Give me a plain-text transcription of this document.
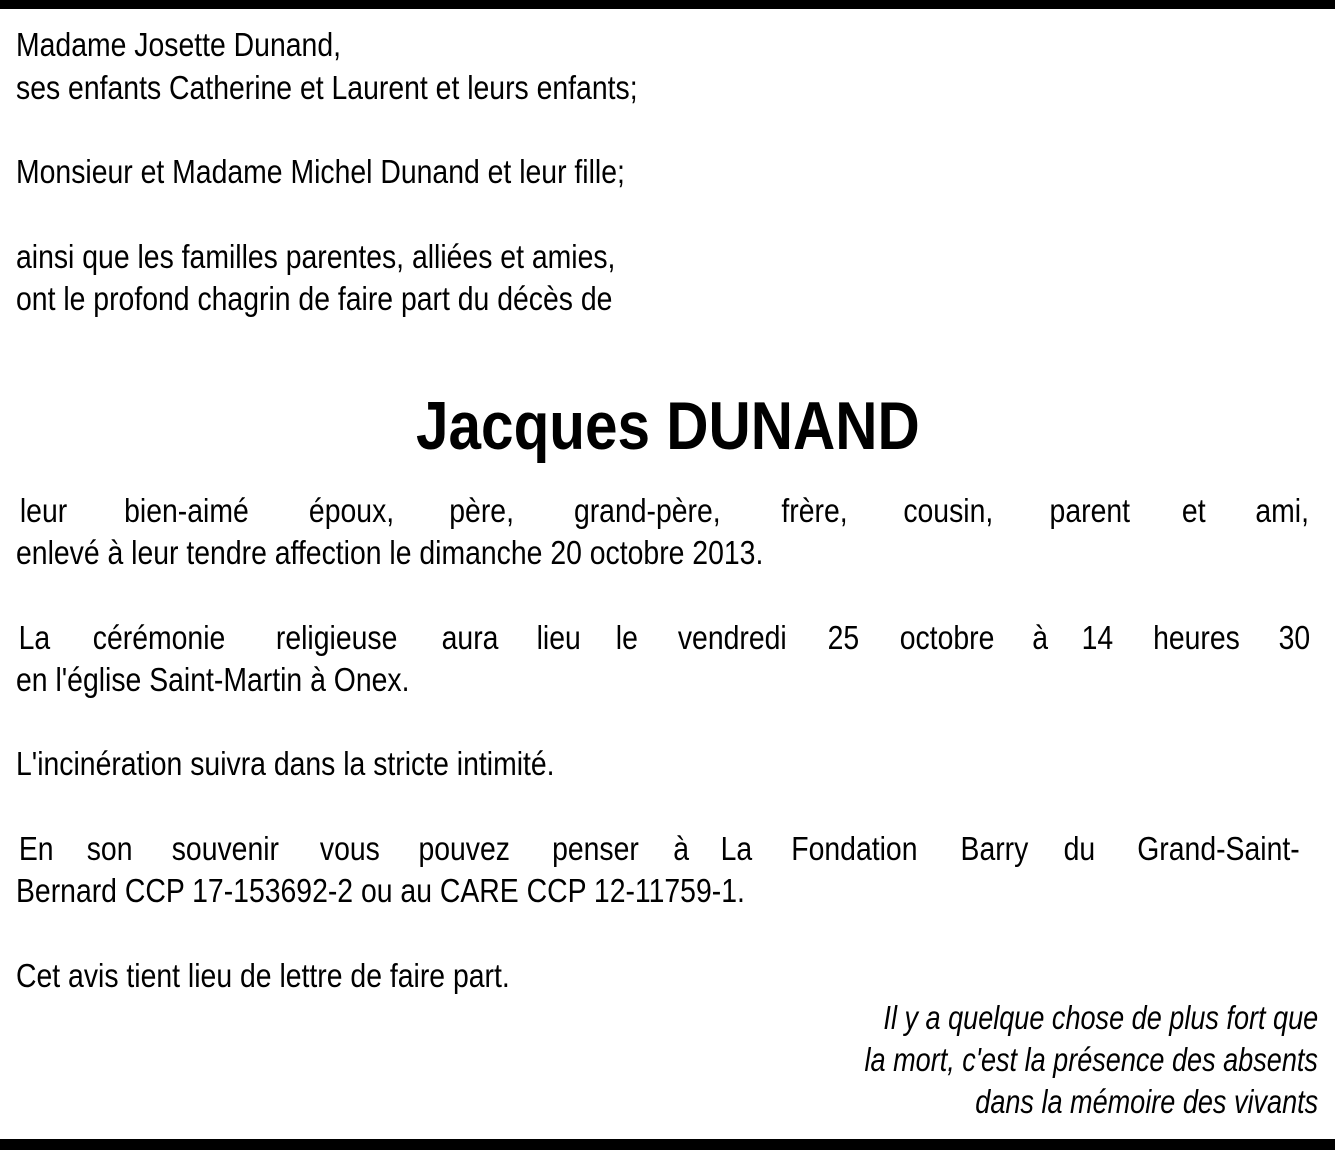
Madame Josette Dunand,
ses enfants Catherine et Laurent et leurs enfants;
Monsieur et Madame Michel Dunand et leur fille;
ainsi que les familles parentes, alliées et amies,
ont le profond chagrin de faire part du décès de
Jacques DUNAND
leur bien-aimé époux, père, grand-père, frère, cousin, parent et ami,
enlevé à leur tendre affection le dimanche 20 octobre 2013.
La cérémonie religieuse aura lieu le vendredi 25 octobre à 14 heures 30
en l'église Saint-Martin à Onex.
L'incinération suivra dans la stricte intimité.
En son souvenir vous pouvez penser à La Fondation Barry du Grand-Saint-
Bernard CCP 17-153692-2 ou au CARE CCP 12-11759-1.
Cet avis tient lieu de lettre de faire part.
Il y a quelque chose de plus fort que
la mort, c'est la présence des absents
dans la mémoire des vivants
